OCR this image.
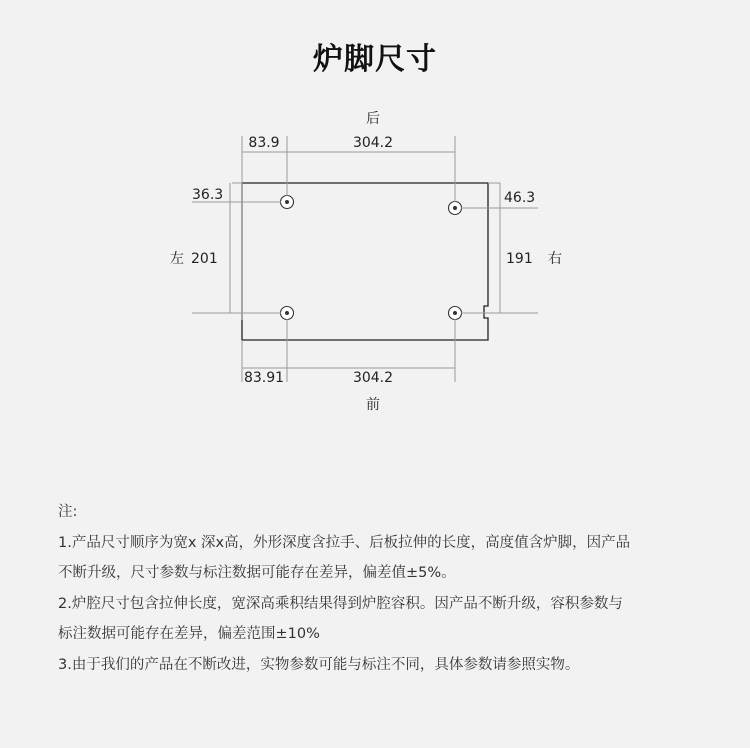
炉脚尺寸
后
前
左	右
83.9	304.2
83.91	304.2
36.3	46.3
201	191

注:

1.产品尺寸顺序为宽x 深x高，外形深度含拉手、后板拉伸的长度，高度值含炉脚，因产品

不断升级，尺寸参数与标注数据可能存在差异，偏差值±5%。

2.炉腔尺寸包含拉伸长度，宽深高乘积结果得到炉腔容积。因产品不断升级，容积参数与

标注数据可能存在差异，偏差范围±10%

3.由于我们的产品在不断改进，实物参数可能与标注不同，具体参数请参照实物。
